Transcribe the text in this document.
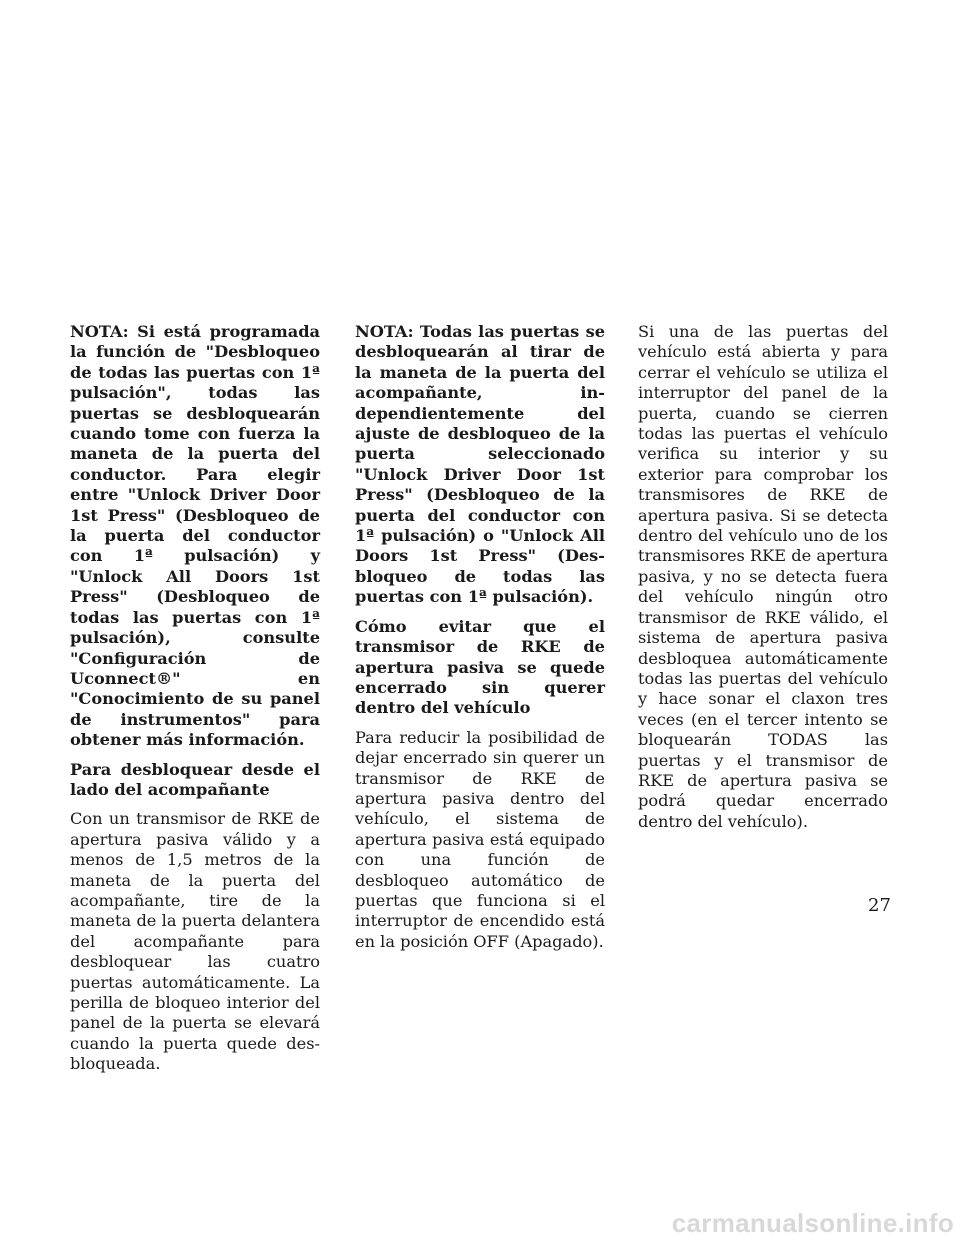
NOTA: Si está programada la función de "Desbloqueo de todas las puertas con 1ª pulsación", todas las puertas se desbloquearán cuando tome con fuerza la maneta de la puerta del conductor. Para elegir entre "Unlock Driver Door 1st Press" (Desbloqueo de la puerta del conductor con 1ª pulsación) y "Unlock All Doors 1st Press" (Desbloqueo de todas las puertas con 1ª pulsación), consulte "Configuración de Uconnect®" en "Conocimiento de su panel de instrumentos" para obtener más información.

Para desbloquear desde el lado del acompañante

Con un transmisor de RKE de apertura pasiva válido y a menos de 1,5 metros de la maneta de la puerta del acompañante, tire de la maneta de la puerta delantera del acompañante para desbloquear las cuatro puertas automáticamente. La perilla de bloqueo interior del panel de la puerta se elevará cuando la puerta quede desbloqueada.

NOTA: Todas las puertas se desbloquearán al tirar de la maneta de la puerta del acompañante, independientemente del ajuste de desbloqueo de la puerta seleccionado "Unlock Driver Door 1st Press" (Desbloqueo de la puerta del conductor con 1ª pulsación) o "Unlock All Doors 1st Press" (Desbloqueo de todas las puertas con 1ª pulsación).

Cómo evitar que el transmisor de RKE de apertura pasiva se quede encerrado sin querer dentro del vehículo

Para reducir la posibilidad de dejar encerrado sin querer un transmisor de RKE de apertura pasiva dentro del vehículo, el sistema de apertura pasiva está equipado con una función de desbloqueo automático de puertas que funciona si el interruptor de encendido está en la posición OFF (Apagado).

Si una de las puertas del vehículo está abierta y para cerrar el vehículo se utiliza el interruptor del panel de la puerta, cuando se cierren todas las puertas el vehículo verifica su interior y su exterior para comprobar los transmisores de RKE de apertura pasiva. Si se detecta dentro del vehículo uno de los transmisores RKE de apertura pasiva, y no se detecta fuera del vehículo ningún otro transmisor de RKE válido, el sistema de apertura pasiva desbloquea automáticamente todas las puertas del vehículo y hace sonar el claxon tres veces (en el tercer intento se bloquearán TODAS las puertas y el transmisor de RKE de apertura pasiva se podrá quedar encerrado dentro del vehículo).

27
carmanualsonline.info
